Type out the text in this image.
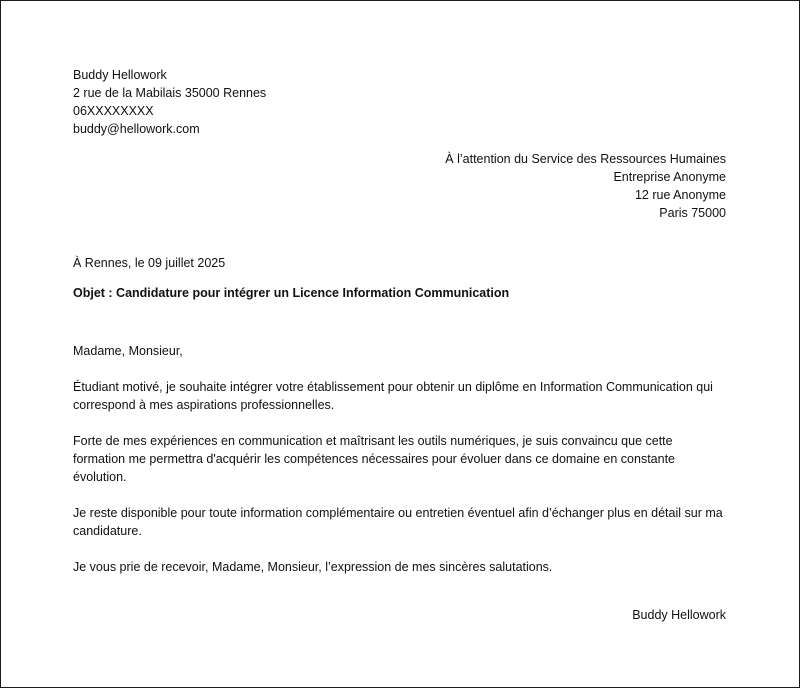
Buddy Hellowork
2 rue de la Mabilais 35000 Rennes
06XXXXXXXX
buddy@hellowork.com
À l’attention du Service des Ressources Humaines
Entreprise Anonyme
12 rue Anonyme
Paris 75000
À Rennes, le 09 juillet 2025
Objet : Candidature pour intégrer un Licence Information Communication

Madame, Monsieur,

Étudiant motivé, je souhaite intégrer votre établissement pour obtenir un diplôme en Information Communication qui correspond à mes aspirations professionnelles.

Forte de mes expériences en communication et maîtrisant les outils numériques, je suis convaincu que cette formation me permettra d'acquérir les compétences nécessaires pour évoluer dans ce domaine en constante évolution.

Je reste disponible pour toute information complémentaire ou entretien éventuel afin d’échanger plus en détail sur ma candidature.

Je vous prie de recevoir, Madame, Monsieur, l’expression de mes sincères salutations.

Buddy Hellowork
